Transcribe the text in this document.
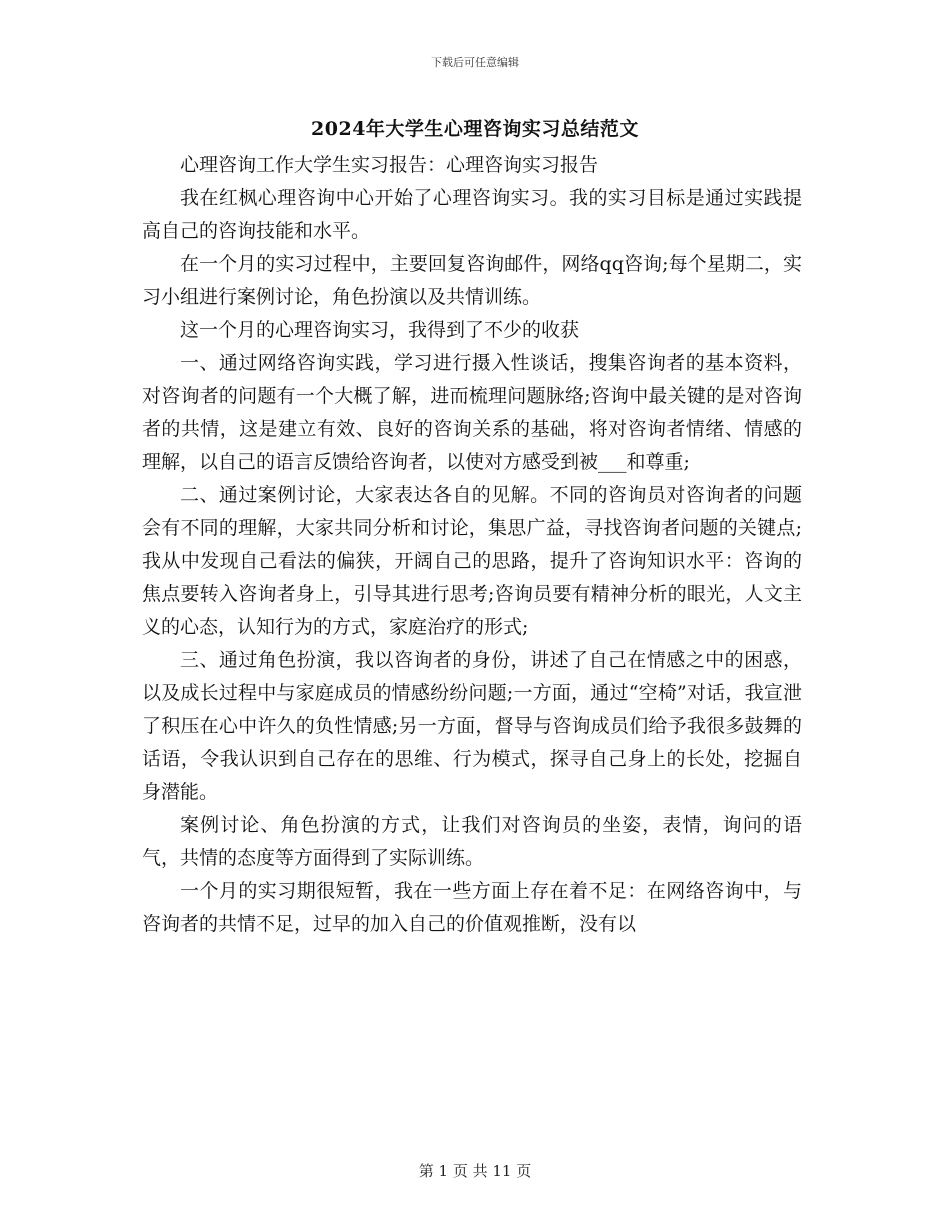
下载后可任意编辑
2024年大学生心理咨询实习总结范文

心理咨询工作大学生实习报告：心理咨询实习报告

我在红枫心理咨询中心开始了心理咨询实习。我的实习目标是通过实践提高自己的咨询技能和水平。

在一个月的实习过程中，主要回复咨询邮件，网络qq咨询;每个星期二，实习小组进行案例讨论，角色扮演以及共情训练。

这一个月的心理咨询实习，我得到了不少的收获

一、通过网络咨询实践，学习进行摄入性谈话，搜集咨询者的基本资料，对咨询者的问题有一个大概了解，进而梳理问题脉络;咨询中最关键的是对咨询者的共情，这是建立有效、良好的咨询关系的基础，将对咨询者情绪、情感的理解，以自己的语言反馈给咨询者，以使对方感受到被___和尊重;

二、通过案例讨论，大家表达各自的见解。不同的咨询员对咨询者的问题会有不同的理解，大家共同分析和讨论，集思广益，寻找咨询者问题的关键点;我从中发现自己看法的偏狭，开阔自己的思路，提升了咨询知识水平：咨询的焦点要转入咨询者身上，引导其进行思考;咨询员要有精神分析的眼光，人文主义的心态，认知行为的方式，家庭治疗的形式;

三、通过角色扮演，我以咨询者的身份，讲述了自己在情感之中的困惑，以及成长过程中与家庭成员的情感纷纷问题;一方面，通过“空椅”对话，我宣泄了积压在心中许久的负性情感;另一方面，督导与咨询成员们给予我很多鼓舞的话语，令我认识到自己存在的思维、行为模式，探寻自己身上的长处，挖掘自身潜能。

案例讨论、角色扮演的方式，让我们对咨询员的坐姿，表情，询问的语气，共情的态度等方面得到了实际训练。

一个月的实习期很短暂，我在一些方面上存在着不足：在网络咨询中，与咨询者的共情不足，过早的加入自己的价值观推断，没有以

第 1 页 共 11 页
